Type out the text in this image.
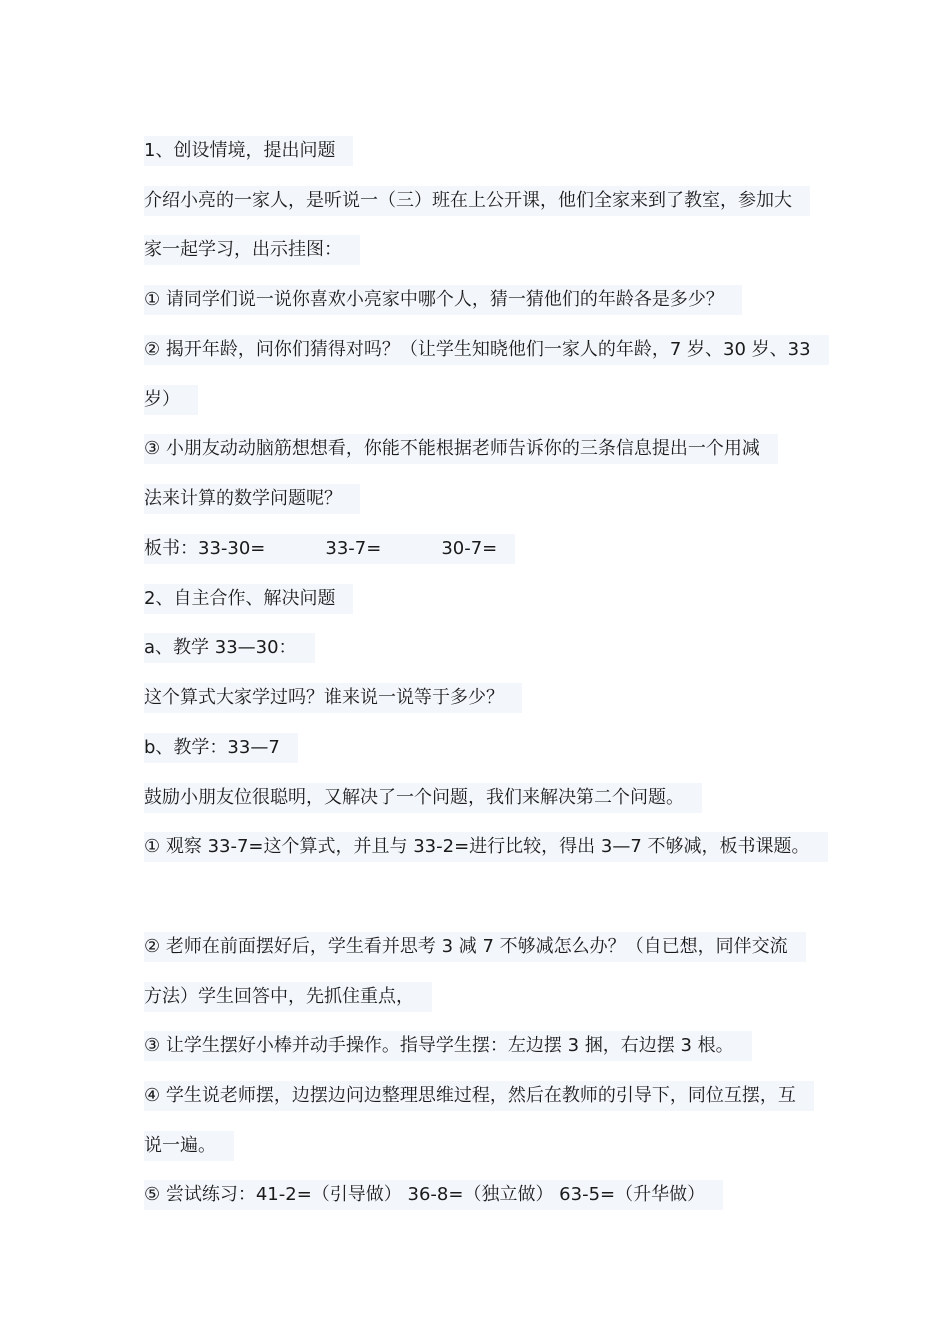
1、创设情境，提出问题
介绍小亮的一家人，是听说一（三）班在上公开课，他们全家来到了教室，参加大
家一起学习，出示挂图：
① 请同学们说一说你喜欢小亮家中哪个人，猜一猜他们的年龄各是多少？
② 揭开年龄，问你们猜得对吗？（让学生知晓他们一家人的年龄，7 岁、30 岁、33
岁）
③ 小朋友动动脑筋想想看，你能不能根据老师告诉你的三条信息提出一个用减
法来计算的数学问题呢？
板书：33-30=	33-7=	30-7=
2、自主合作、解决问题
a、教学 33—30：
这个算式大家学过吗？谁来说一说等于多少？
b、教学：33—7
鼓励小朋友位很聪明，又解决了一个问题，我们来解决第二个问题。
① 观察 33-7=这个算式，并且与 33-2=进行比较，得出 3—7 不够减，板书课题。
② 老师在前面摆好后，学生看并思考 3 减 7 不够减怎么办？（自已想，同伴交流
方法）学生回答中，先抓住重点，
③ 让学生摆好小棒并动手操作。指导学生摆：左边摆 3 捆，右边摆 3 根。
④ 学生说老师摆，边摆边问边整理思维过程，然后在教师的引导下，同位互摆，互
说一遍。
⑤ 尝试练习：41-2=（引导做） 36-8=（独立做） 63-5=（升华做）
